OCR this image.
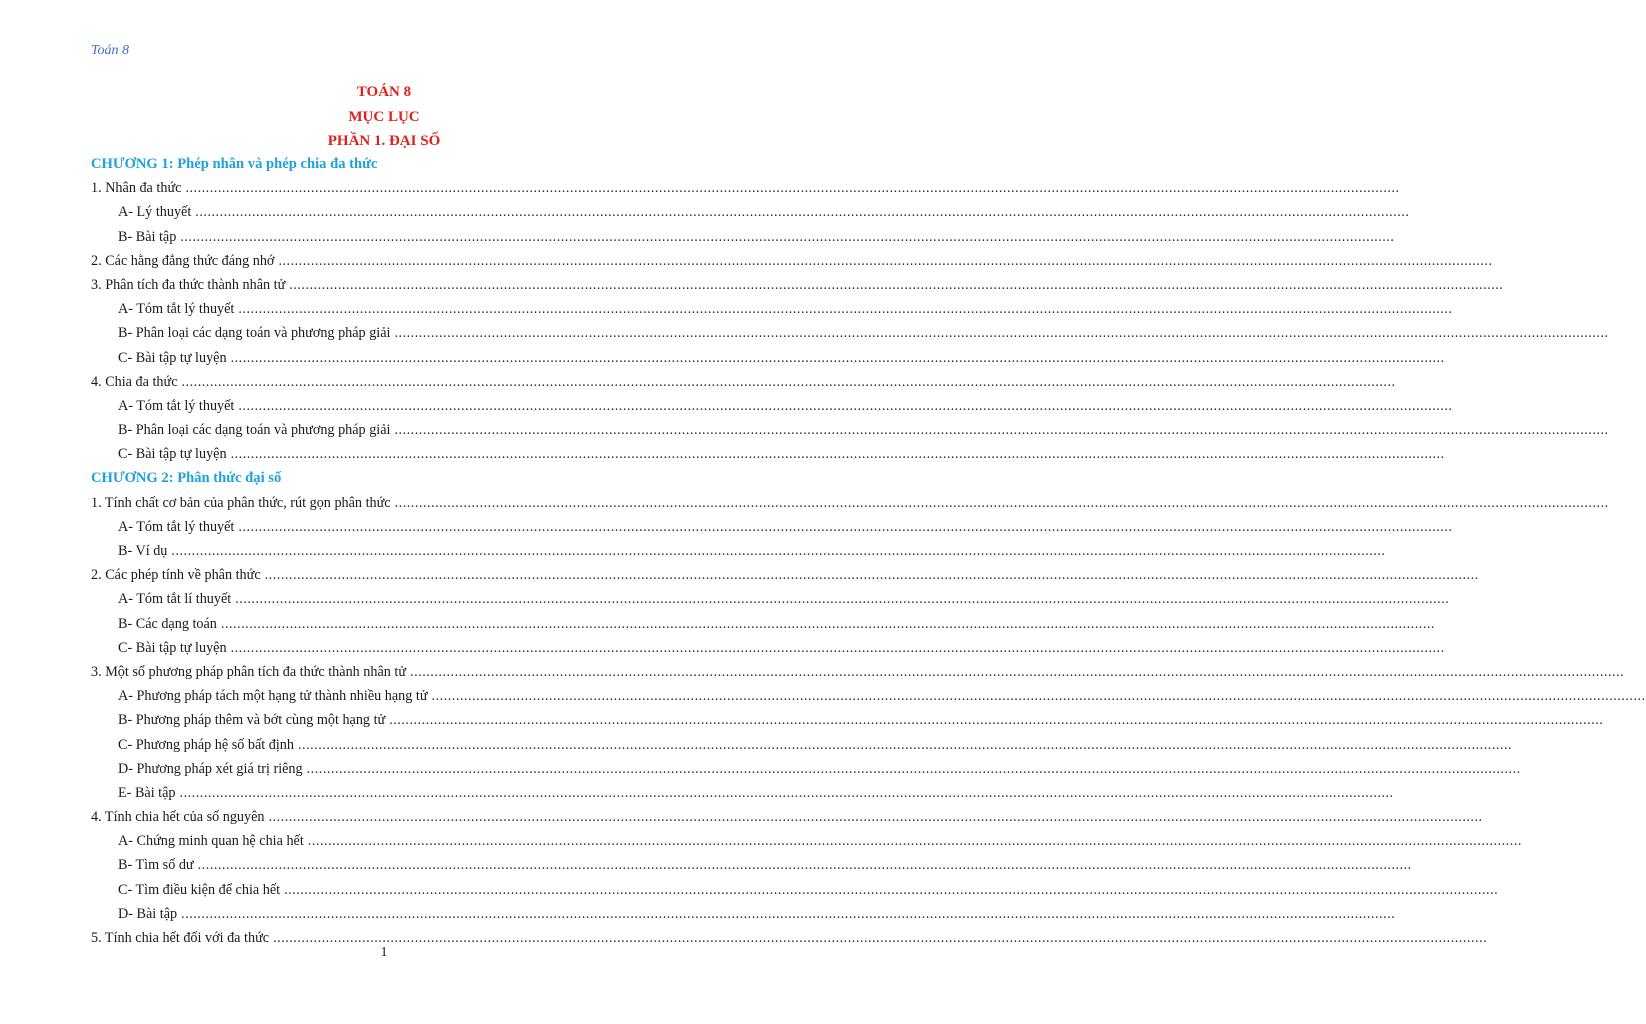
Toán 8
TOÁN 8
MỤC LỤC
PHẦN 1. ĐẠI SỐ
CHƯƠNG 1: Phép nhân và phép chia đa thức
1. Nhân đa thức ............................................................................................................................................................................................................................................................................................................
A- Lý thuyết ............................................................................................................................................................................................................................................................................................................
B- Bài tập ............................................................................................................................................................................................................................................................................................................
2. Các hằng đẳng thức đáng nhớ ............................................................................................................................................................................................................................................................................................................
3. Phân tích đa thức thành nhân tử ............................................................................................................................................................................................................................................................................................................
A- Tóm tắt lý thuyết ............................................................................................................................................................................................................................................................................................................
B- Phân loại các dạng toán và phương pháp giải ............................................................................................................................................................................................................................................................................................................
C- Bài tập tự luyện ............................................................................................................................................................................................................................................................................................................
4. Chia đa thức ............................................................................................................................................................................................................................................................................................................
A- Tóm tắt lý thuyết ............................................................................................................................................................................................................................................................................................................
B- Phân loại các dạng toán và phương pháp giải ............................................................................................................................................................................................................................................................................................................
C- Bài tập tự luyện ............................................................................................................................................................................................................................................................................................................
CHƯƠNG 2: Phân thức đại số
1. Tính chất cơ bản của phân thức, rút gọn phân thức ............................................................................................................................................................................................................................................................................................................
A- Tóm tắt lý thuyết ............................................................................................................................................................................................................................................................................................................
B- Ví dụ ............................................................................................................................................................................................................................................................................................................
2. Các phép tính về phân thức ............................................................................................................................................................................................................................................................................................................
A- Tóm tắt lí thuyết ............................................................................................................................................................................................................................................................................................................
B- Các dạng toán ............................................................................................................................................................................................................................................................................................................
C- Bài tập tự luyện ............................................................................................................................................................................................................................................................................................................
3. Một số phương pháp phân tích đa thức thành nhân tử ............................................................................................................................................................................................................................................................................................................
A- Phương pháp tách một hạng tử thành nhiều hạng tử ............................................................................................................................................................................................................................................................................................................
B- Phương pháp thêm và bớt cùng một hạng tử ............................................................................................................................................................................................................................................................................................................
C- Phương pháp hệ số bất định ............................................................................................................................................................................................................................................................................................................
D- Phương pháp xét giá trị riêng ............................................................................................................................................................................................................................................................................................................
E- Bài tập ............................................................................................................................................................................................................................................................................................................
4. Tính chia hết của số nguyên ............................................................................................................................................................................................................................................................................................................
A- Chứng minh quan hệ chia hết ............................................................................................................................................................................................................................................................................................................
B- Tìm số dư ............................................................................................................................................................................................................................................................................................................
C- Tìm điều kiện để chia hết ............................................................................................................................................................................................................................................................................................................
D- Bài tập ............................................................................................................................................................................................................................................................................................................
5. Tính chia hết đối với đa thức ............................................................................................................................................................................................................................................................................................................
1
